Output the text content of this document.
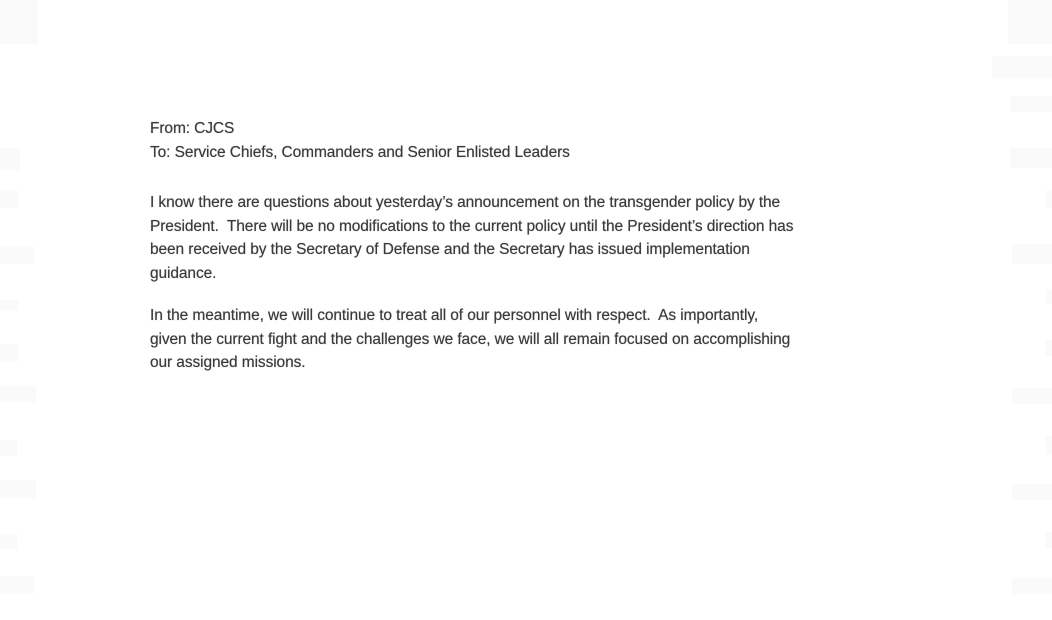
From: CJCS
To: Service Chiefs, Commanders and Senior Enlisted Leaders
I know there are questions about yesterday’s announcement on the transgender policy by the
President.  There will be no modifications to the current policy until the President’s direction has
been received by the Secretary of Defense and the Secretary has issued implementation
guidance.
In the meantime, we will continue to treat all of our personnel with respect.  As importantly,
given the current fight and the challenges we face, we will all remain focused on accomplishing
our assigned missions.
